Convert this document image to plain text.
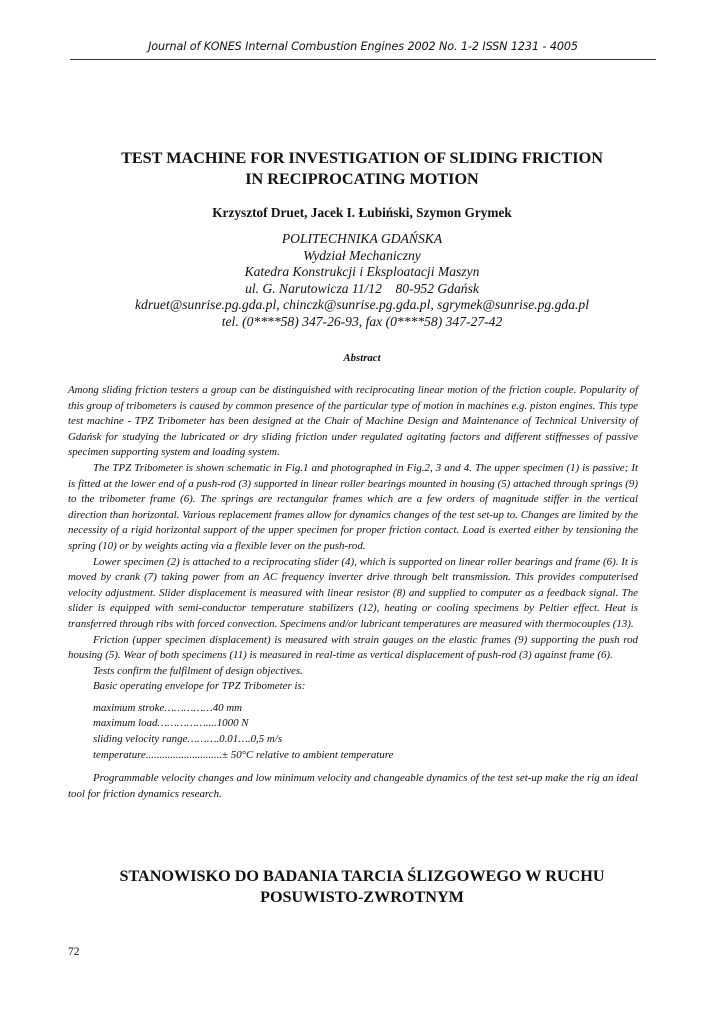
Journal of KONES Internal Combustion Engines 2002 No. 1-2 ISSN 1231 - 4005
TEST MACHINE FOR INVESTIGATION OF SLIDING FRICTION
IN RECIPROCATING MOTION
Krzysztof Druet, Jacek I. Łubiński, Szymon Grymek
POLITECHNIKA GDAŃSKA
Wydział Mechaniczny
Katedra Konstrukcji i Eksploatacji Maszyn
ul. G. Narutowicza 11/12    80-952 Gdańsk
kdruet@sunrise.pg.gda.pl, chinczk@sunrise.pg.gda.pl, sgrymek@sunrise.pg.gda.pl
tel. (0****58) 347-26-93, fax (0****58) 347-27-42
Abstract

Among sliding friction testers a group can be distinguished with reciprocating linear motion of the friction couple. Popularity of this group of tribometers is caused by common presence of the particular type of motion in machines e.g. piston engines. This type test machine - TPZ Tribometer has been designed at the Chair of Machine Design and Maintenance of Technical University of Gdańsk for studying the lubricated or dry sliding friction under regulated agitating factors and different stiffnesses of passive specimen supporting system and loading system.

The TPZ Tribometer is shown schematic in Fig.1 and photographed in Fig.2, 3 and 4. The upper specimen (1) is passive; It is fitted at the lower end of a push-rod (3) supported in linear roller bearings mounted in housing (5) attached through springs (9) to the tribometer frame (6). The springs are rectangular frames which are a few orders of magnitude stiffer in the vertical direction than horizontal. Various replacement frames allow for dynamics changes of the test set-up to. Changes are limited by the necessity of a rigid horizontal support of the upper specimen for proper friction contact. Load is exerted either by tensioning the spring (10) or by weights acting via a flexible lever on the push-rod.

Lower specimen (2) is attached to a reciprocating slider (4), which is supported on linear roller bearings and frame (6). It is moved by crank (7) taking power from an AC frequency inverter drive through belt transmission. This provides computerised velocity adjustment. Slider displacement is measured with linear resistor (8) and supplied to computer as a feedback signal. The slider is equipped with semi-conductor temperature stabilizers (12), heating or cooling specimens by Peltier effect. Heat is transferred through ribs with forced convection. Specimens and/or lubricant temperatures are measured with thermocouples (13).

Friction (upper specimen displacement) is measured with strain gauges on the elastic frames (9) supporting the push rod housing (5). Wear of both specimens (11) is measured in real-time as vertical displacement of push-rod (3) against frame (6).

Tests confirm the fulfilment of design objectives.

Basic operating envelope for TPZ Tribometer is:

maximum stroke……………40 mm
maximum load……………....1000 N
sliding velocity range……….0.01….0,5 m/s
temperature............................± 50°C relative to ambient temperature

Programmable velocity changes and low minimum velocity and changeable dynamics of the test set-up make the rig an ideal tool for friction dynamics research.

STANOWISKO DO BADANIA TARCIA ŚLIZGOWEGO W RUCHU
POSUWISTO-ZWROTNYM
72
